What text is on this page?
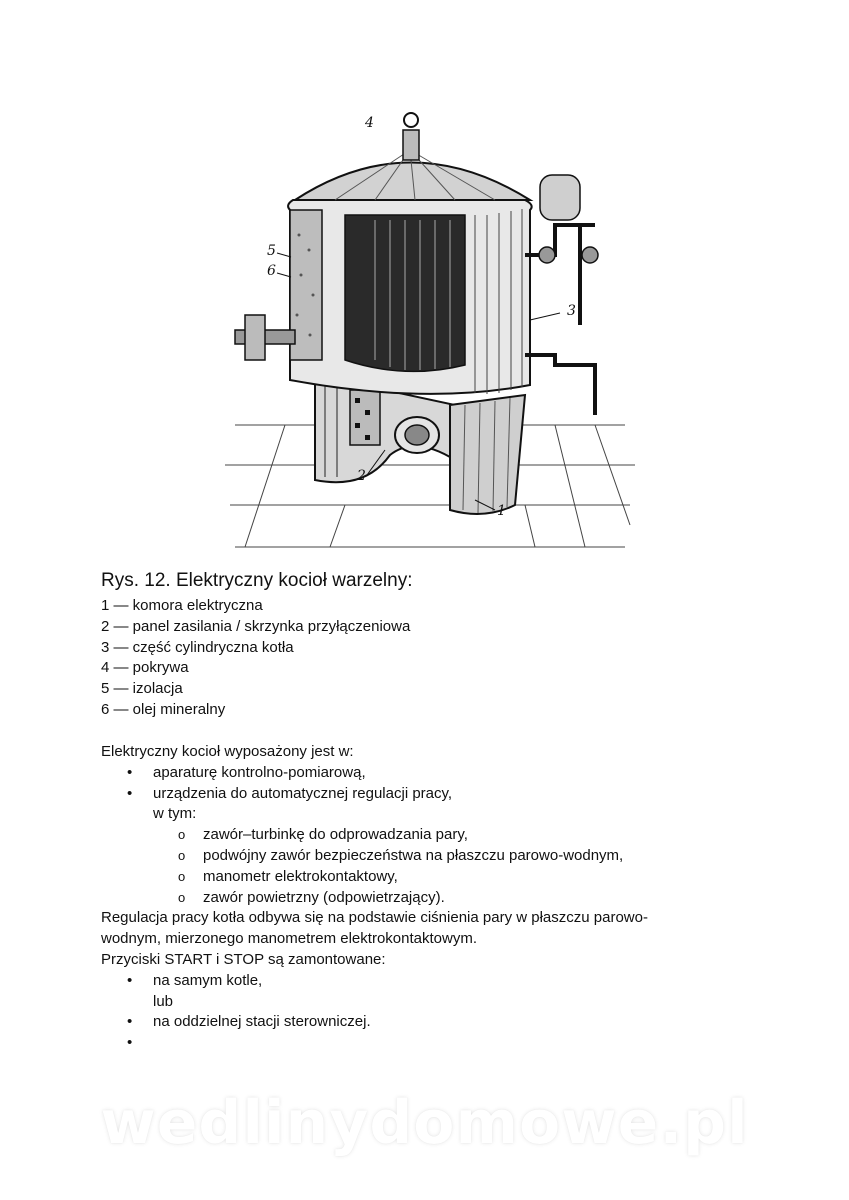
4
5
6
3
2
1
Rys. 12. Elektryczny kocioł warzelny:
1 — komora elektryczna
2 — panel zasilania / skrzynka przyłączeniowa
3 — część cylindryczna kotła
4 — pokrywa
5 — izolacja
6 — olej mineralny
Elektryczny kocioł wyposażony jest w:
• aparaturę kontrolno-pomiarową,
• urządzenia do automatycznej regulacji pracy,
w tym:
o zawór–turbinkę do odprowadzania pary,
o podwójny zawór bezpieczeństwa na płaszczu parowo-wodnym,
o manometr elektrokontaktowy,
o zawór powietrzny (odpowietrzający).
Regulacja pracy kotła odbywa się na podstawie ciśnienia pary w płaszczu parowo-
wodnym, mierzonego manometrem elektrokontaktowym.
Przyciski START i STOP są zamontowane:
• na samym kotle,
lub
• na oddzielnej stacji sterowniczej.
•
wedlinydomowe.pl
